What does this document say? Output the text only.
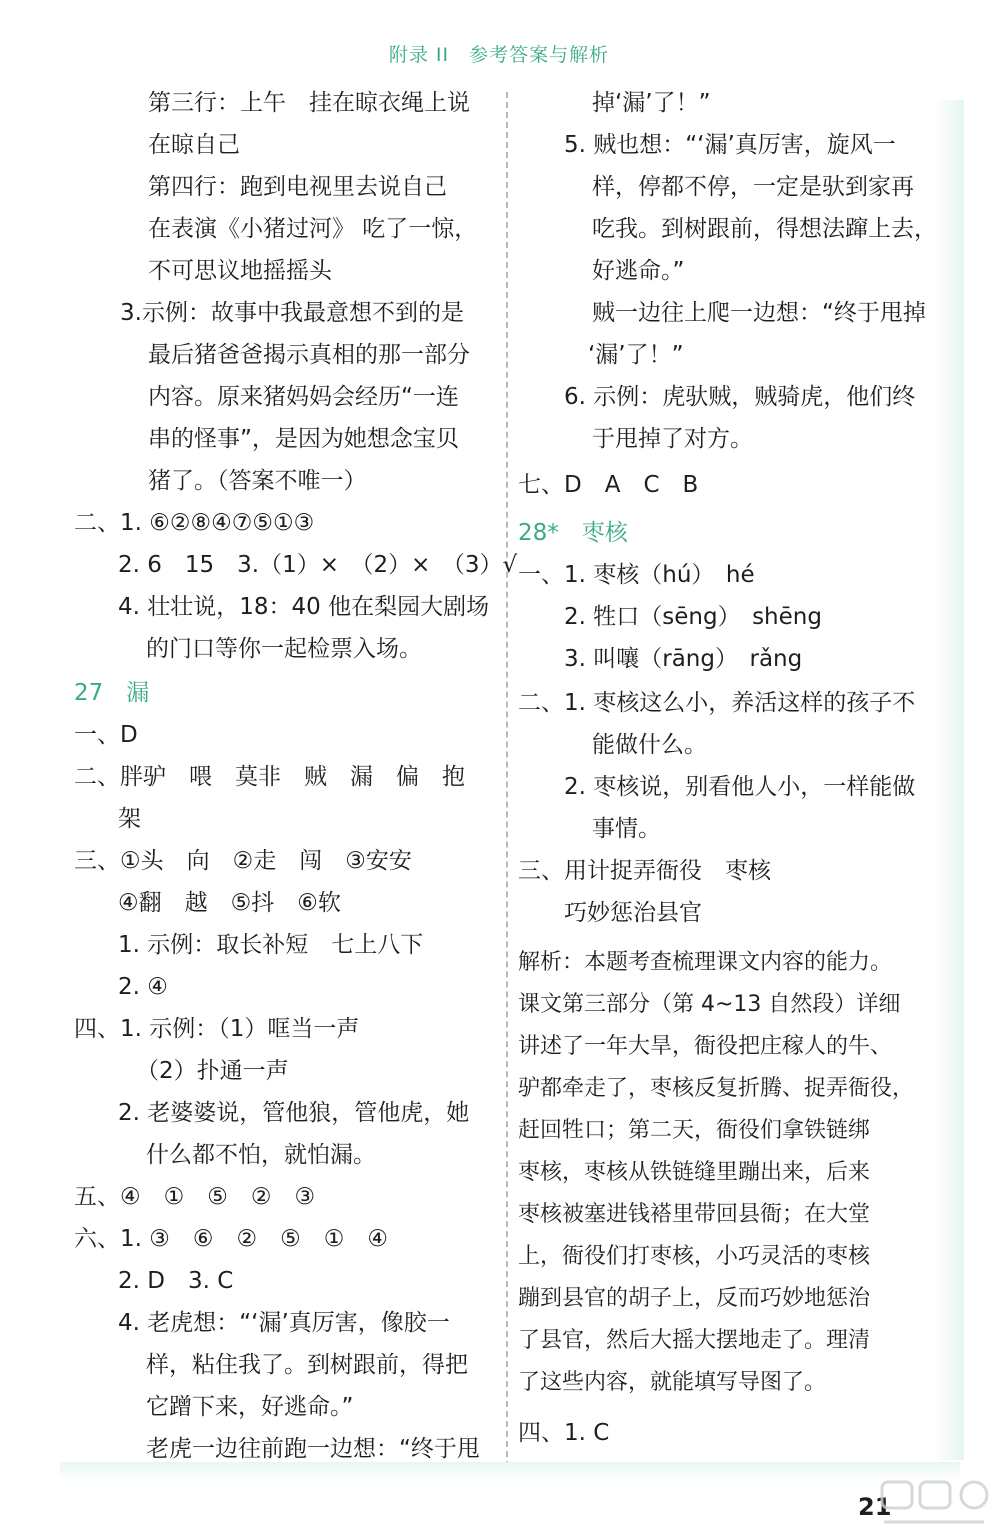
附录 II　参考答案与解析
第三行：上午　挂在晾衣绳上说
在晾自己
第四行：跑到电视里去说自己
在表演《小猪过河》 吃了一惊，
不可思议地摇摇头
3.示例：故事中我最意想不到的是
最后猪爸爸揭示真相的那一部分
内容。原来猪妈妈会经历“一连
串的怪事”，是因为她想念宝贝
猪了。（答案不唯一）
二、1. ⑥②⑧④⑦⑤①③
2. 6　15　3.（1）×　（2）×　（3）√
4. 壮壮说，18：40 他在梨园大剧场
的门口等你一起检票入场。
27　漏
一、D
二、胖驴　喂　莫非　贼　漏　偏　抱
架
三、①头　向　②走　闯　③安安
④翻　越　⑤抖　⑥软
1. 示例：取长补短　七上八下
2. ④
四、1. 示例：（1）哐当一声
（2）扑通一声
2. 老婆婆说，管他狼，管他虎，她
什么都不怕，就怕漏。
五、④　①　⑤　②　③
六、1. ③　⑥　②　⑤　①　④
2. D　3. C
4. 老虎想：“‘漏’真厉害，像胶一
样，粘住我了。到树跟前，得把
它蹭下来，好逃命。”
老虎一边往前跑一边想：“终于甩
掉‘漏’了！”
5. 贼也想：“‘漏’真厉害，旋风一
样，停都不停，一定是驮到家再
吃我。到树跟前，得想法蹿上去，
好逃命。”
贼一边往上爬一边想：“终于甩掉
‘漏’了！”
6. 示例：虎驮贼，贼骑虎，他们终
于甩掉了对方。
七、D　A　C　B
28*　枣核
一、1. 枣核（hú）　hé
2. 牲口（sēng）　shēng
3. 叫嚷（rāng）　rǎng
二、1. 枣核这么小，养活这样的孩子不
能做什么。
2. 枣核说，别看他人小，一样能做
事情。
三、用计捉弄衙役　枣核
巧妙惩治县官
解析：本题考查梳理课文内容的能力。
课文第三部分（第 4~13 自然段）详细
讲述了一年大旱，衙役把庄稼人的牛、
驴都牵走了，枣核反复折腾、捉弄衙役，
赶回牲口；第二天，衙役们拿铁链绑
枣核，枣核从铁链缝里蹦出来，后来
枣核被塞进钱褡里带回县衙；在大堂
上，衙役们打枣核，小巧灵活的枣核
蹦到县官的胡子上，反而巧妙地惩治
了县官，然后大摇大摆地走了。理清
了这些内容，就能填写导图了。
四、1. C
21
